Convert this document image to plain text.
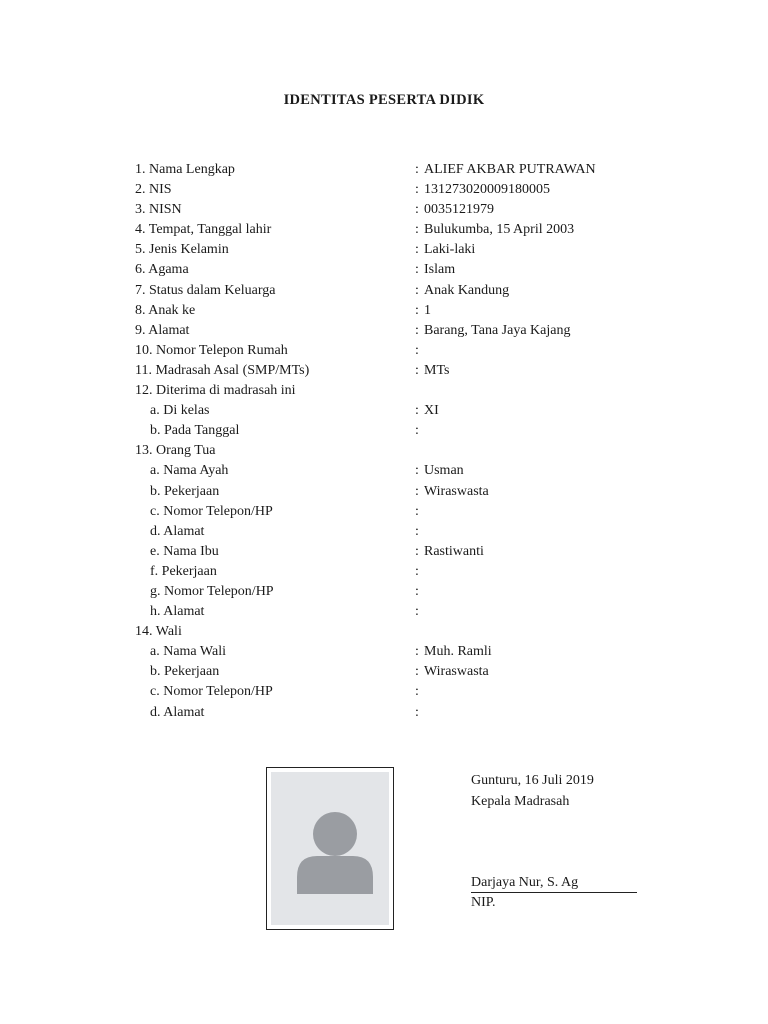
IDENTITAS PESERTA DIDIK
1. Nama Lengkap	: ALIEF AKBAR PUTRAWAN
2. NIS	: 131273020009180005
3. NISN	: 0035121979
4. Tempat, Tanggal lahir	: Bulukumba, 15 April 2003
5. Jenis Kelamin	: Laki-laki
6. Agama	: Islam
7. Status dalam Keluarga	: Anak Kandung
8. Anak ke	: 1
9. Alamat	: Barang, Tana Jaya Kajang
10. Nomor Telepon Rumah	:
11. Madrasah Asal (SMP/MTs)	: MTs
12. Diterima di madrasah ini
a. Di kelas	: XI
b. Pada Tanggal	:
13. Orang Tua
a. Nama Ayah	: Usman
b. Pekerjaan	: Wiraswasta
c. Nomor Telepon/HP	:
d. Alamat	:
e. Nama Ibu	: Rastiwanti
f. Pekerjaan	:
g. Nomor Telepon/HP	:
h. Alamat	:
14. Wali
a. Nama Wali	: Muh. Ramli
b. Pekerjaan	: Wiraswasta
c. Nomor Telepon/HP	:
d. Alamat	:
Gunturu, 16 Juli 2019
Kepala Madrasah
Darjaya Nur, S. Ag
NIP.
